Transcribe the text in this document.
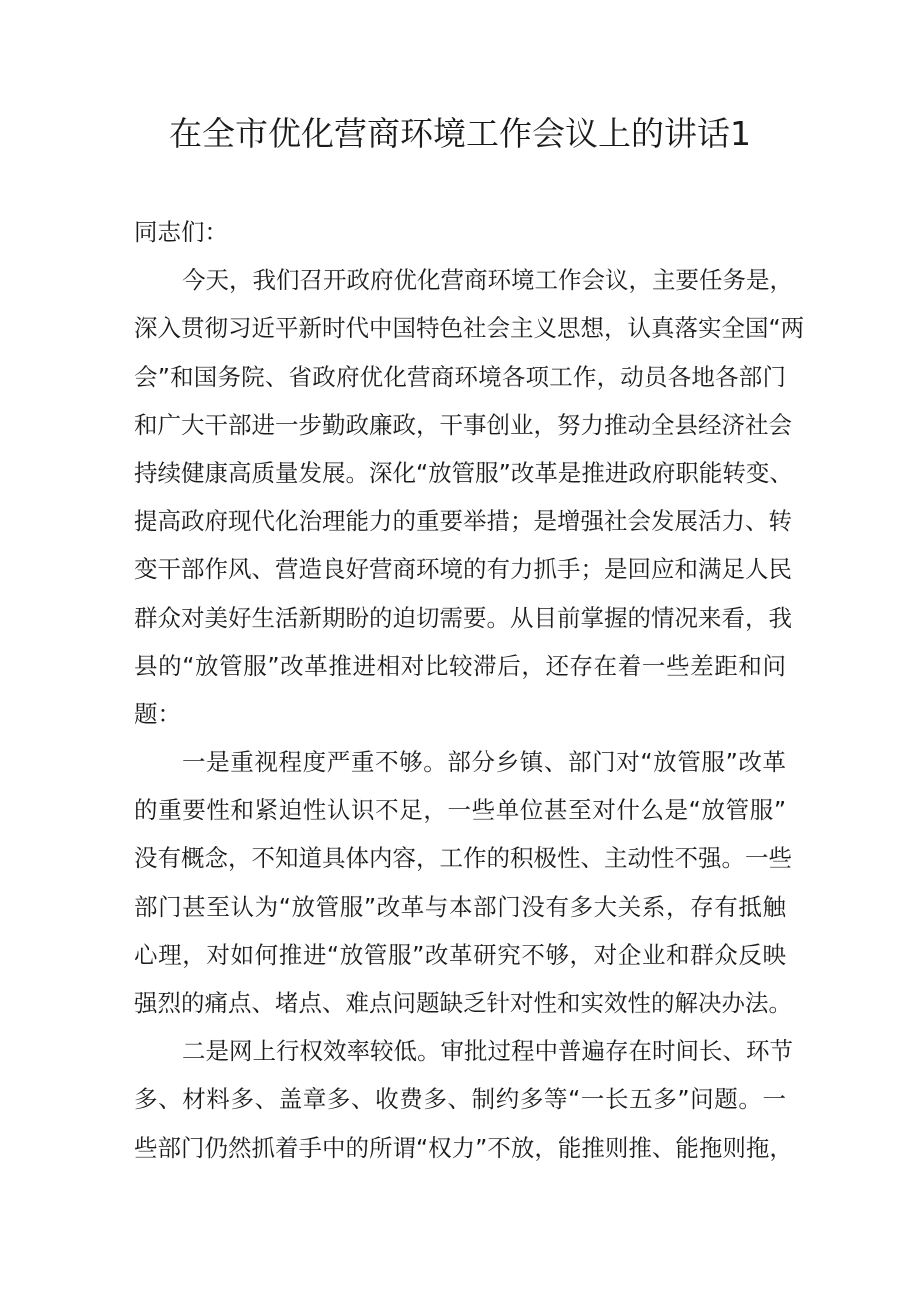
在全市优化营商环境工作会议上的讲话1
同志们：
今天，我们召开政府优化营商环境工作会议，主要任务是，
深入贯彻习近平新时代中国特色社会主义思想，认真落实全国“两
会”和国务院、省政府优化营商环境各项工作，动员各地各部门
和广大干部进一步勤政廉政，干事创业，努力推动全县经济社会
持续健康高质量发展。深化“放管服”改革是推进政府职能转变、
提高政府现代化治理能力的重要举措；是增强社会发展活力、转
变干部作风、营造良好营商环境的有力抓手；是回应和满足人民
群众对美好生活新期盼的迫切需要。从目前掌握的情况来看，我
县的“放管服”改革推进相对比较滞后，还存在着一些差距和问
题：
一是重视程度严重不够。部分乡镇、部门对“放管服”改革
的重要性和紧迫性认识不足，一些单位甚至对什么是“放管服”
没有概念，不知道具体内容，工作的积极性、主动性不强。一些
部门甚至认为“放管服”改革与本部门没有多大关系，存有抵触
心理，对如何推进“放管服”改革研究不够，对企业和群众反映
强烈的痛点、堵点、难点问题缺乏针对性和实效性的解决办法。
二是网上行权效率较低。审批过程中普遍存在时间长、环节
多、材料多、盖章多、收费多、制约多等“一长五多”问题。一
些部门仍然抓着手中的所谓“权力”不放，能推则推、能拖则拖，
